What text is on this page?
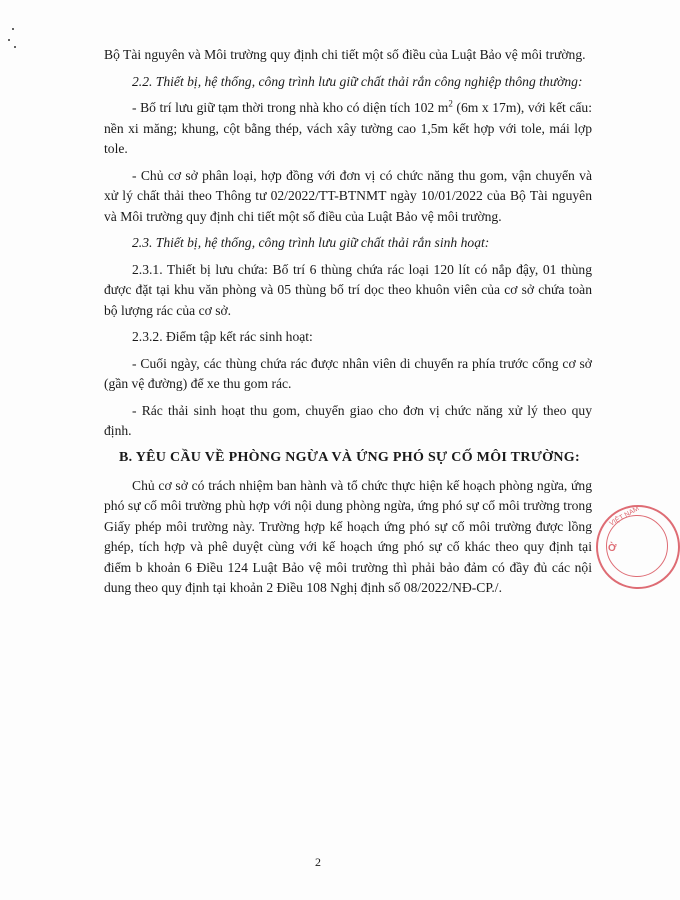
Bộ Tài nguyên và Môi trường quy định chi tiết một số điều của Luật Bảo vệ môi trường.

2.2. Thiết bị, hệ thống, công trình lưu giữ chất thải rắn công nghiệp thông thường:

- Bố trí lưu giữ tạm thời trong nhà kho có diện tích 102 $m^2$ (6m x 17m), với kết cấu: nền xi măng; khung, cột bằng thép, vách xây tường cao 1,5m kết hợp với tole, mái lợp tole.

- Chủ cơ sở phân loại, hợp đồng với đơn vị có chức năng thu gom, vận chuyển và xử lý chất thải theo Thông tư 02/2022/TT-BTNMT ngày 10/01/2022 của Bộ Tài nguyên và Môi trường quy định chi tiết một số điều của Luật Bảo vệ môi trường.

2.3. Thiết bị, hệ thống, công trình lưu giữ chất thải rắn sinh hoạt:

2.3.1. Thiết bị lưu chứa: Bố trí 6 thùng chứa rác loại 120 lít có nắp đậy, 01 thùng được đặt tại khu văn phòng và 05 thùng bố trí dọc theo khuôn viên của cơ sở chứa toàn bộ lượng rác của cơ sở.

2.3.2. Điểm tập kết rác sinh hoạt:

- Cuối ngày, các thùng chứa rác được nhân viên di chuyển ra phía trước cổng cơ sở (gần vệ đường) để xe thu gom rác.

- Rác thải sinh hoạt thu gom, chuyển giao cho đơn vị chức năng xử lý theo quy định.

B. YÊU CẦU VỀ PHÒNG NGỪA VÀ ỨNG PHÓ SỰ CỐ MÔI TRƯỜNG:

Chủ cơ sở có trách nhiệm ban hành và tổ chức thực hiện kế hoạch phòng ngừa, ứng phó sự cố môi trường phù hợp với nội dung phòng ngừa, ứng phó sự cố môi trường trong Giấy phép môi trường này. Trường hợp kế hoạch ứng phó sự cố môi trường được lồng ghép, tích hợp và phê duyệt cùng với kế hoạch ứng phó sự cố khác theo quy định tại điểm b khoản 6 Điều 124 Luật Bảo vệ môi trường thì phải bảo đảm có đầy đủ các nội dung theo quy định tại khoản 2 Điều 108 Nghị định số 08/2022/NĐ-CP./.

VIỆT NAM
Ờ
2
